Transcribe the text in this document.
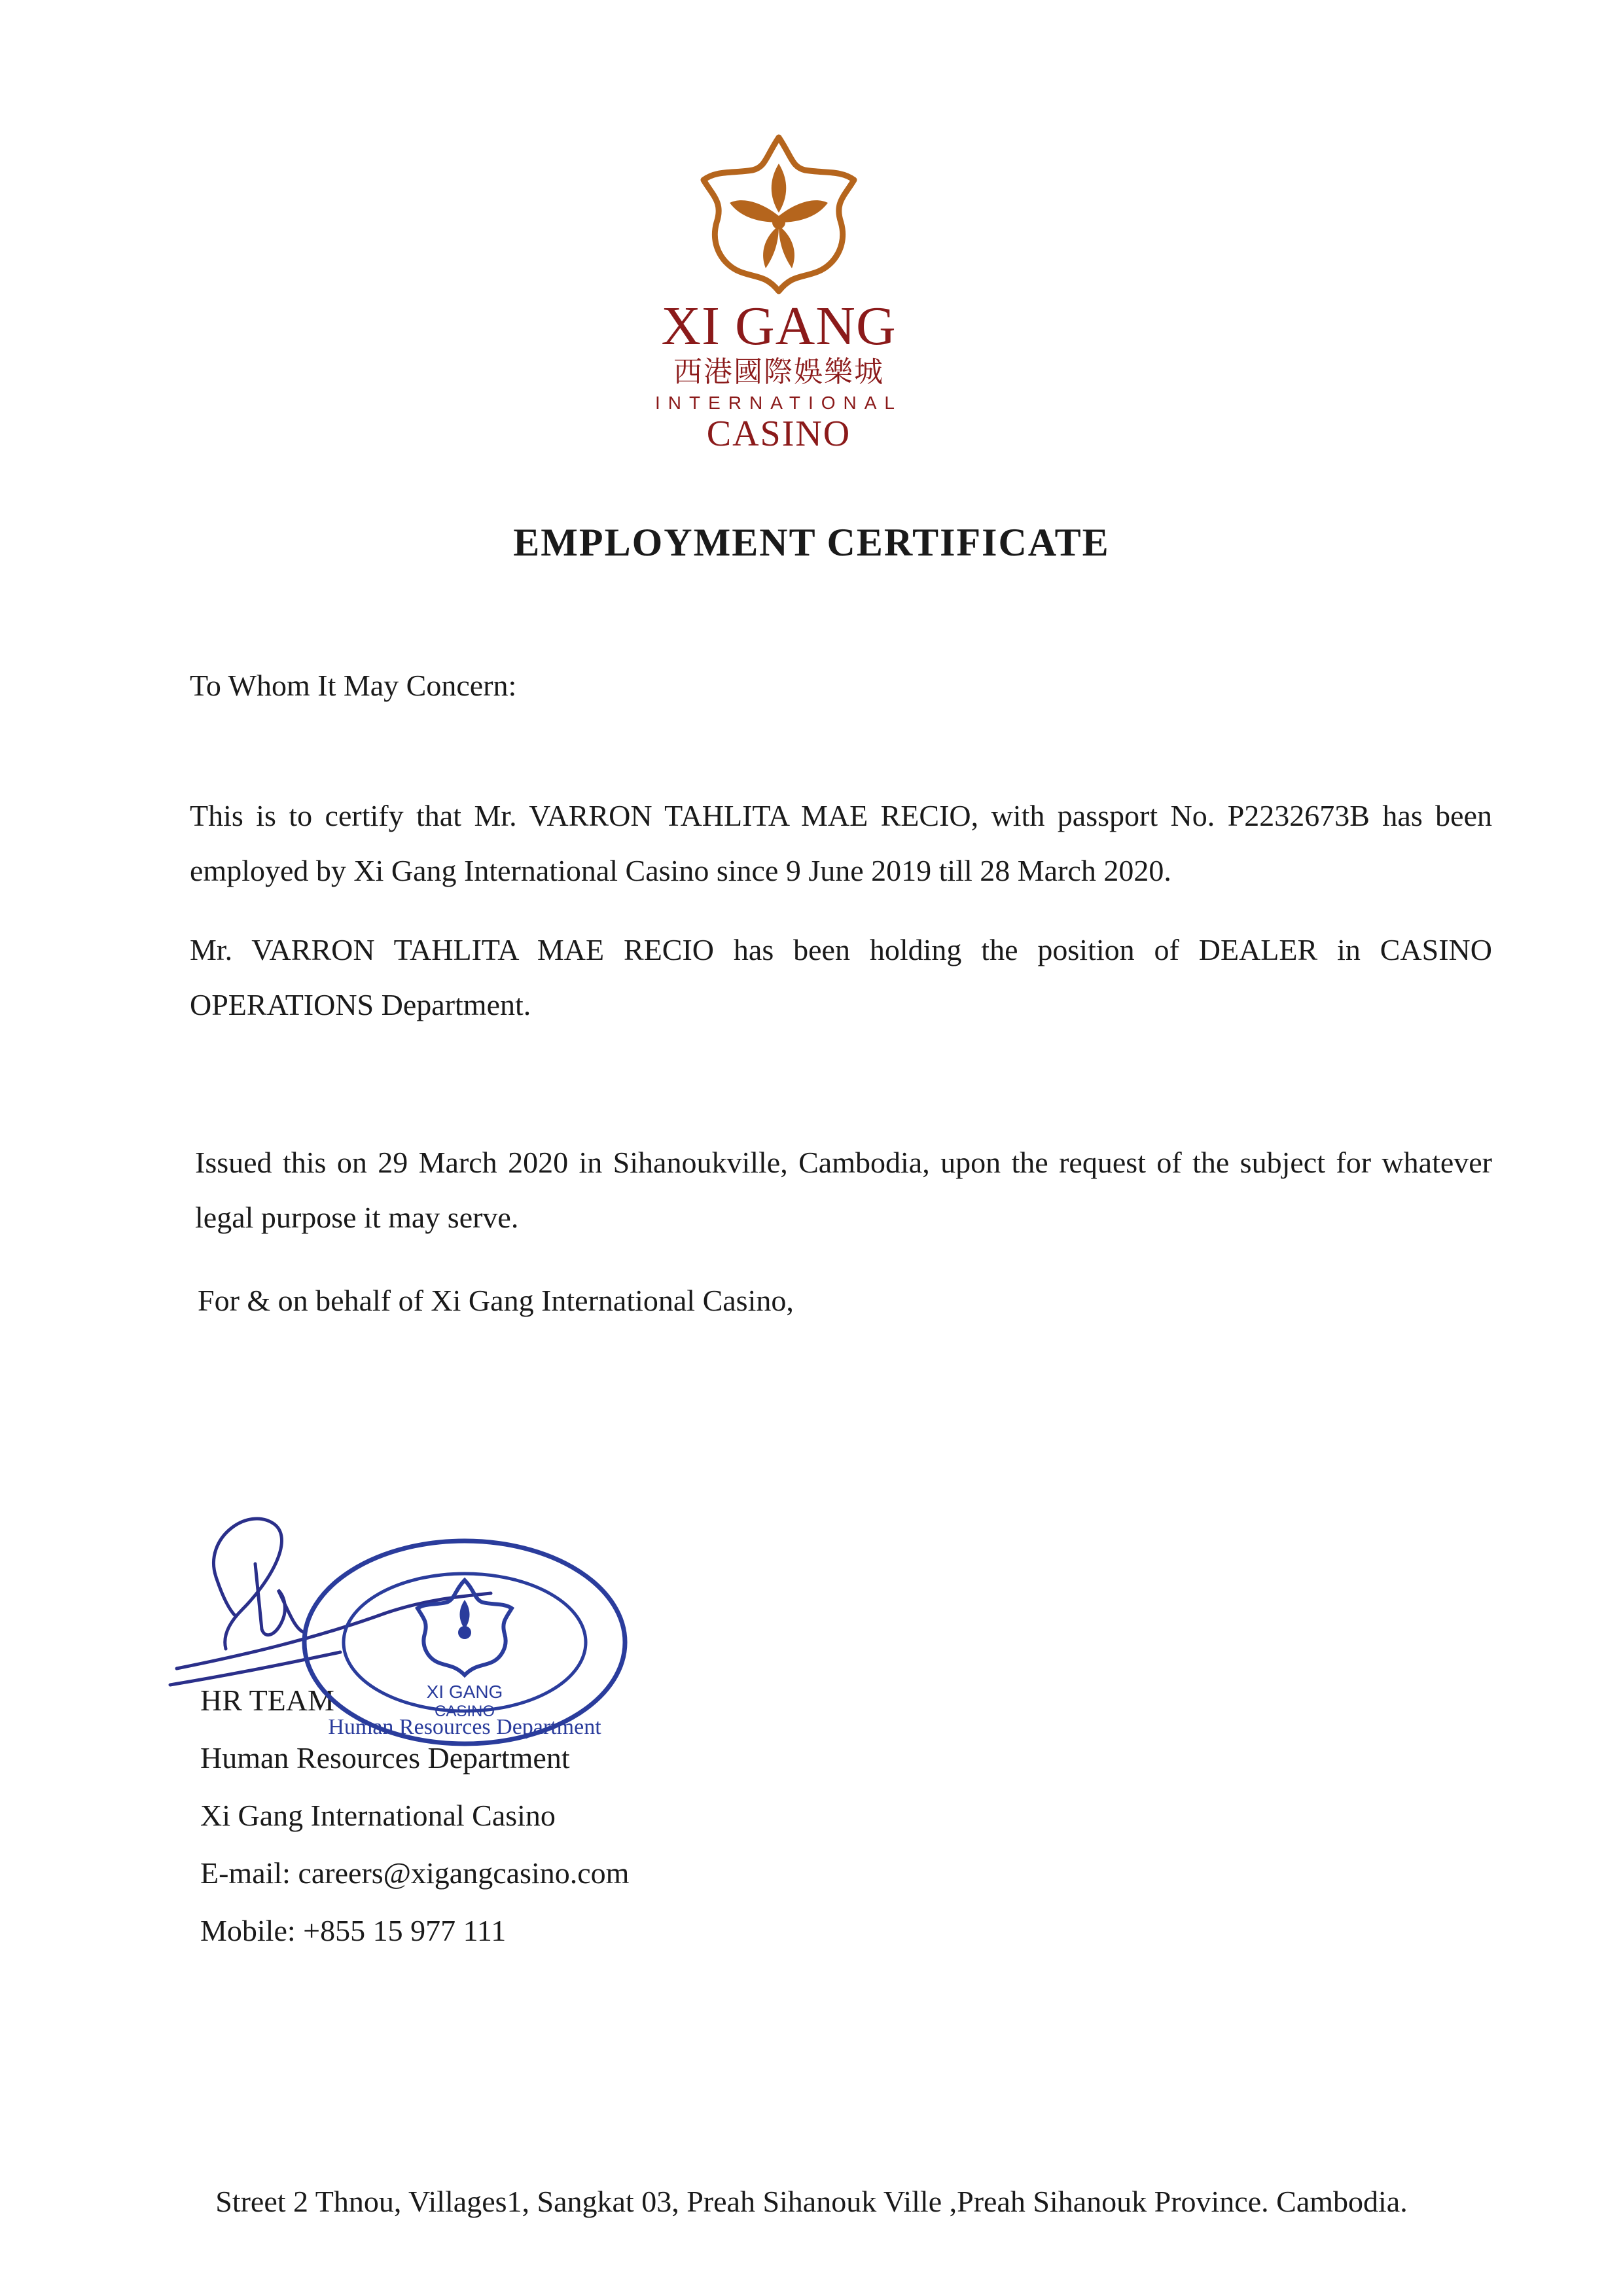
XI GANG
西港國際娛樂城
INTERNATIONAL
CASINO
EMPLOYMENT CERTIFICATE
To Whom It May Concern:
This is to certify that Mr. VARRON TAHLITA MAE RECIO, with passport No. P2232673B has been employed by Xi Gang International Casino since 9 June 2019 till 28 March 2020.
Mr. VARRON TAHLITA MAE RECIO has been holding the position of DEALER in CASINO OPERATIONS Department.
Issued this on 29 March 2020 in Sihanoukville, Cambodia, upon the request of the subject for whatever legal purpose it may serve.
For & on behalf of Xi Gang International Casino,
HR TEAM
Human Resources Department
Xi Gang International Casino
E-mail: careers@xigangcasino.com
Mobile: +855 15 977 111
XI GANG
CASINO
Human Resources Department
Street 2 Thnou, Villages1, Sangkat 03, Preah Sihanouk Ville ,Preah Sihanouk Province. Cambodia.
